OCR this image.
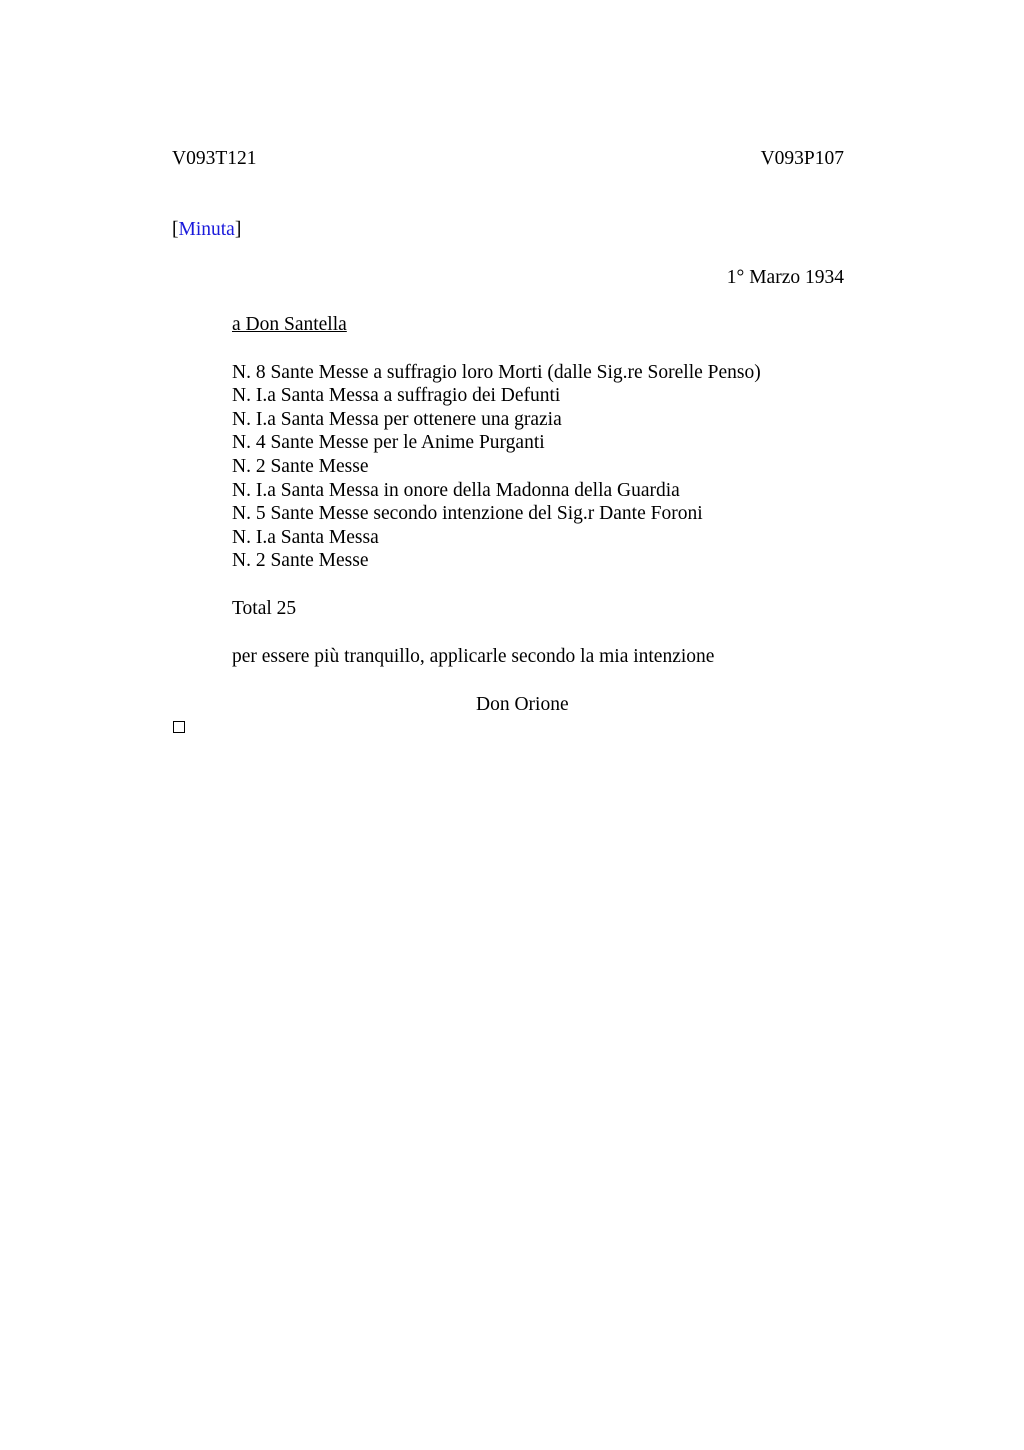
V093T121	V093P107
[Minuta]
1° Marzo 1934
a Don Santella
N. 8 Sante Messe a suffragio loro Morti (dalle Sig.re Sorelle Penso)
N. I.a Santa Messa a suffragio dei Defunti
N. I.a Santa Messa per ottenere una grazia
N. 4 Sante Messe per le Anime Purganti
N. 2 Sante Messe
N. I.a Santa Messa in onore della Madonna della Guardia
N. 5 Sante Messe secondo intenzione del Sig.r Dante Foroni
N. I.a Santa Messa
N. 2 Sante Messe
Total 25
per essere più tranquillo, applicarle secondo la mia intenzione
Don Orione
